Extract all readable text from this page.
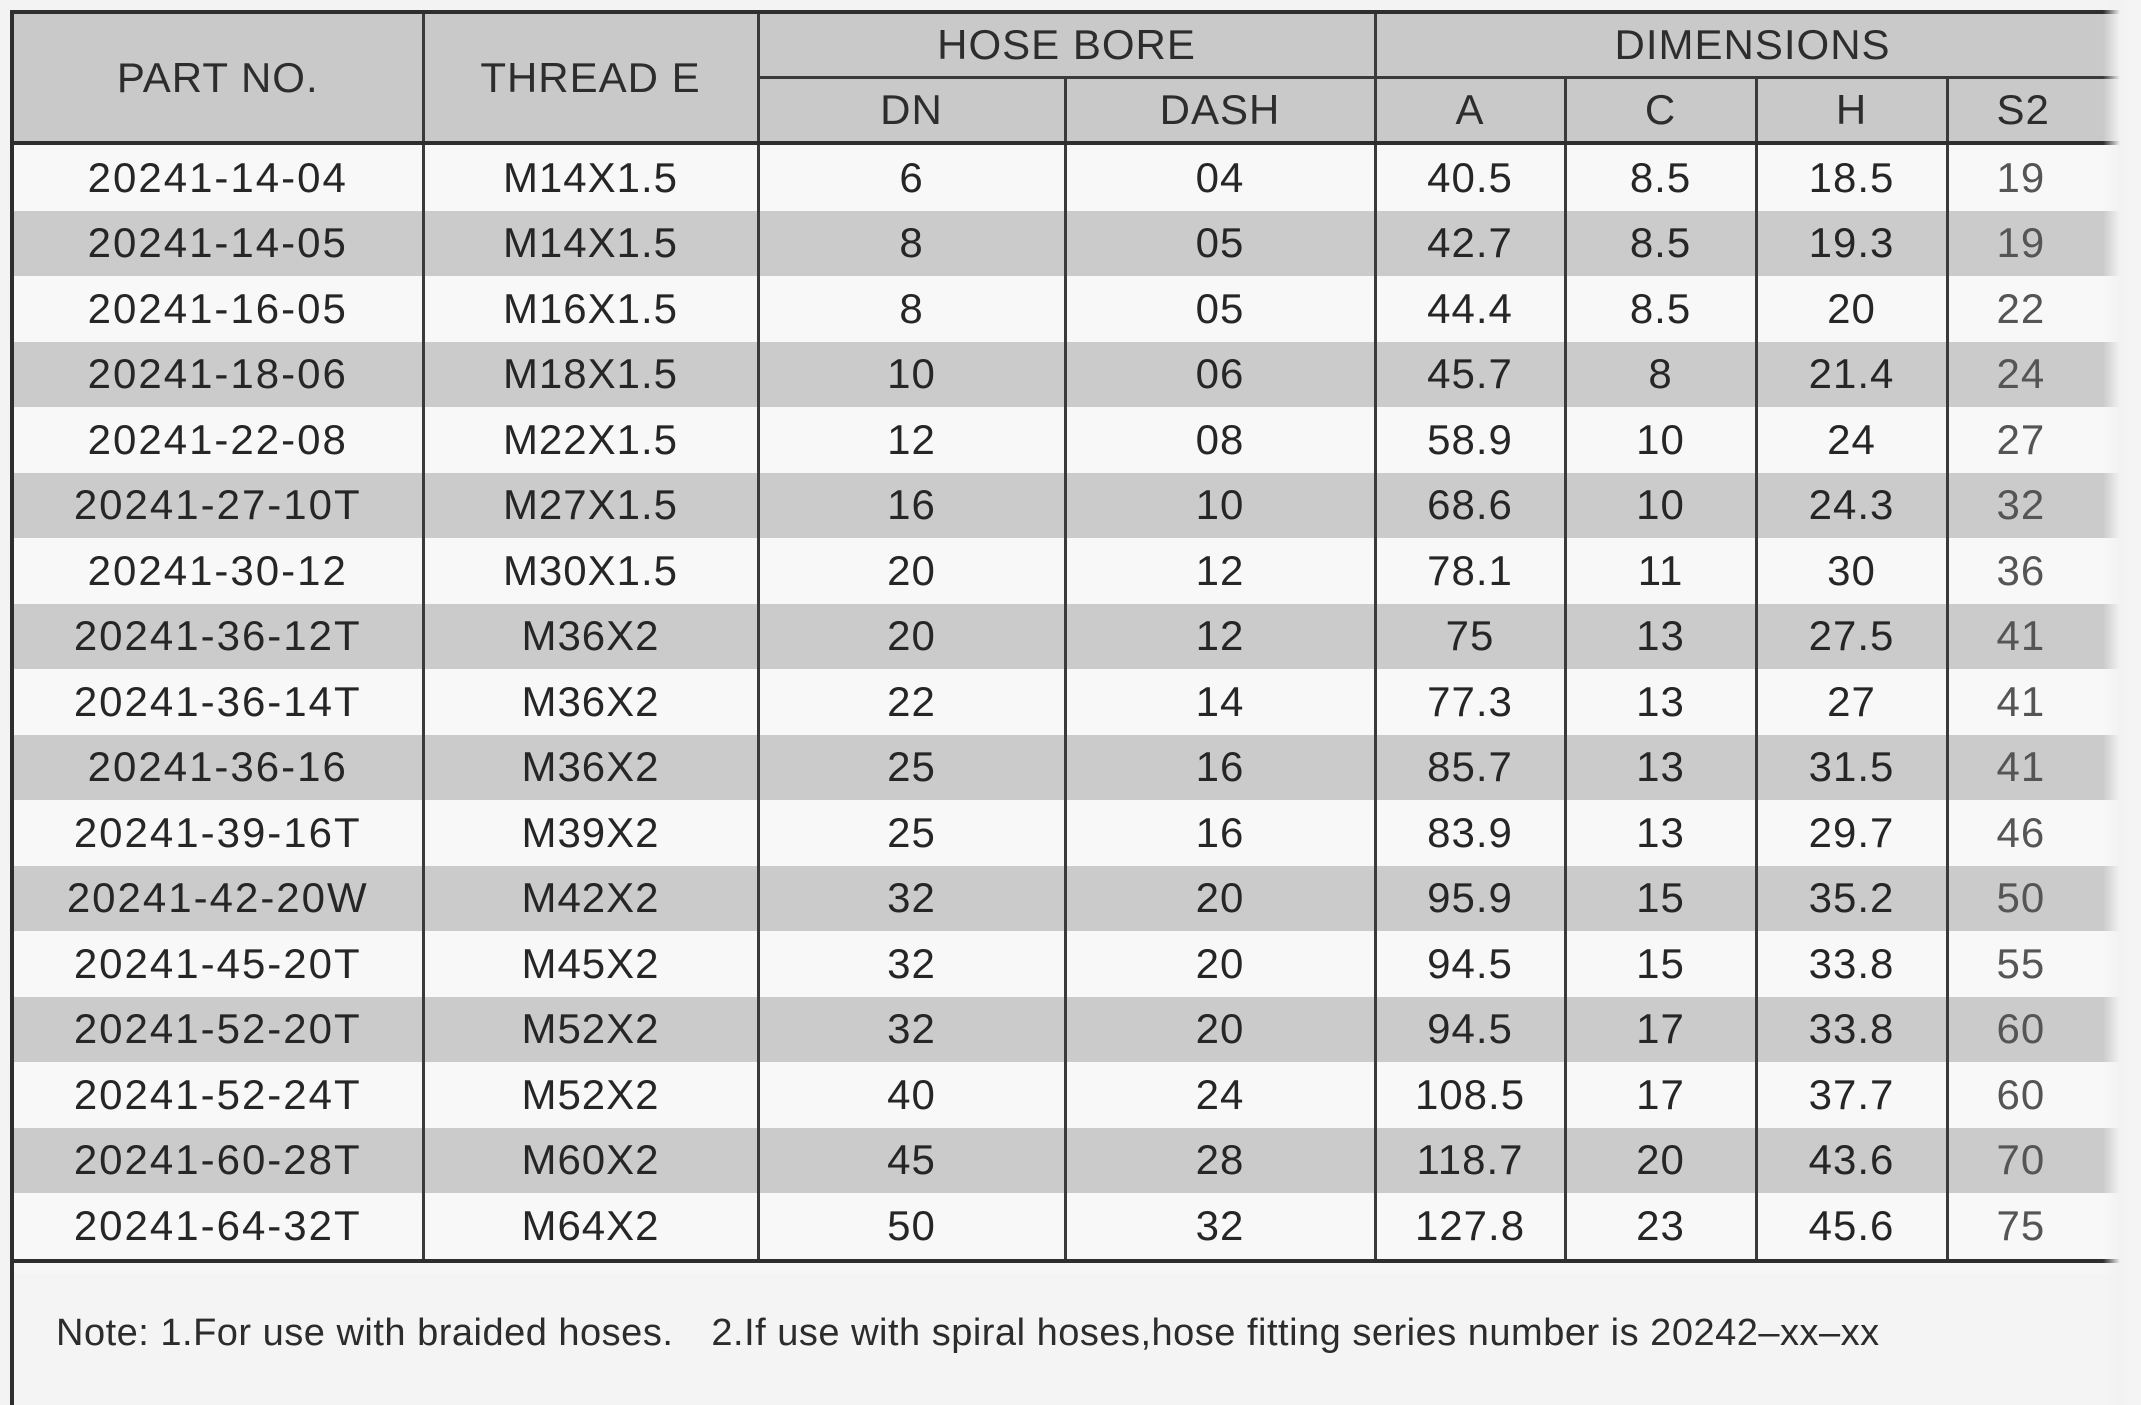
PART NO.	THREAD E	HOSE BORE		DIMENSIONS			
		DN	DASH	A	C	H	S2
20241-14-04	M14X1.5	6	04	40.5	8.5	18.5	19
20241-14-05	M14X1.5	8	05	42.7	8.5	19.3	19
20241-16-05	M16X1.5	8	05	44.4	8.5	20	22
20241-18-06	M18X1.5	10	06	45.7	8	21.4	24
20241-22-08	M22X1.5	12	08	58.9	10	24	27
20241-27-10T	M27X1.5	16	10	68.6	10	24.3	32
20241-30-12	M30X1.5	20	12	78.1	11	30	36
20241-36-12T	M36X2	20	12	75	13	27.5	41
20241-36-14T	M36X2	22	14	77.3	13	27	41
20241-36-16	M36X2	25	16	85.7	13	31.5	41
20241-39-16T	M39X2	25	16	83.9	13	29.7	46
20241-42-20W	M42X2	32	20	95.9	15	35.2	50
20241-45-20T	M45X2	32	20	94.5	15	33.8	55
20241-52-20T	M52X2	32	20	94.5	17	33.8	60
20241-52-24T	M52X2	40	24	108.5	17	37.7	60
20241-60-28T	M60X2	45	28	118.7	20	43.6	70
20241-64-32T	M64X2	50	32	127.8	23	45.6	75
Note: 1.For use with braided hoses. 2.If use with spiral hoses,hose fitting series number is 20242–xx–xx
